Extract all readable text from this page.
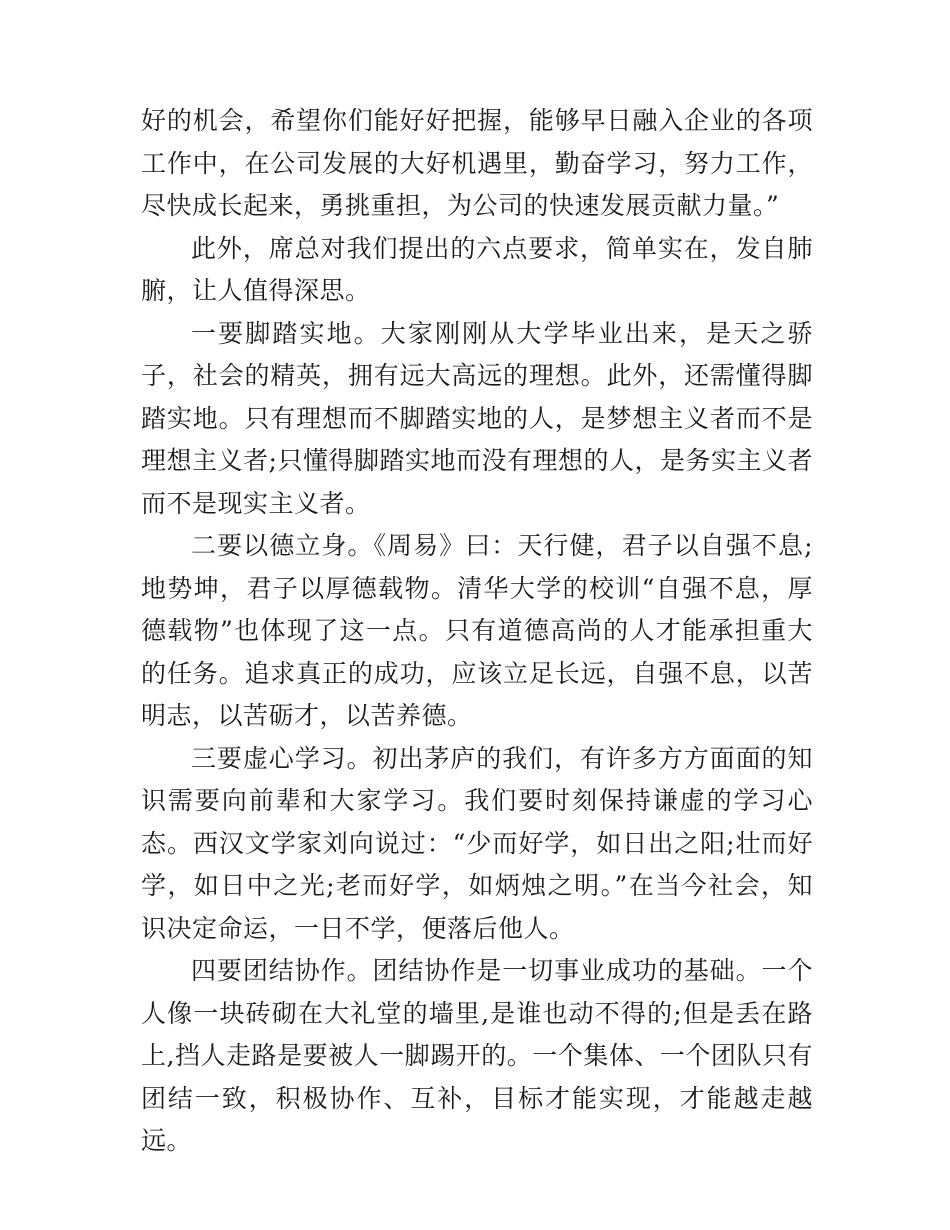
好的机会，希望你们能好好把握，能够早日融入企业的各项工作中，在公司发展的大好机遇里，勤奋学习，努力工作，尽快成长起来，勇挑重担，为公司的快速发展贡献力量。”

此外，席总对我们提出的六点要求，简单实在，发自肺腑，让人值得深思。

一要脚踏实地。大家刚刚从大学毕业出来，是天之骄子，社会的精英，拥有远大高远的理想。此外，还需懂得脚踏实地。只有理想而不脚踏实地的人，是梦想主义者而不是理想主义者;只懂得脚踏实地而没有理想的人，是务实主义者而不是现实主义者。

二要以德立身。《周易》曰：天行健，君子以自强不息;地势坤，君子以厚德载物。清华大学的校训“自强不息，厚德载物”也体现了这一点。只有道德高尚的人才能承担重大的任务。追求真正的成功，应该立足长远，自强不息，以苦明志，以苦砺才，以苦养德。

三要虚心学习。初出茅庐的我们，有许多方方面面的知识需要向前辈和大家学习。我们要时刻保持谦虚的学习心态。西汉文学家刘向说过：“少而好学，如日出之阳;壮而好学，如日中之光;老而好学，如炳烛之明。”在当今社会，知识决定命运，一日不学，便落后他人。

四要团结协作。团结协作是一切事业成功的基础。一个人像一块砖砌在大礼堂的墙里,是谁也动不得的;但是丢在路上,挡人走路是要被人一脚踢开的。一个集体、一个团队只有团结一致，积极协作、互补，目标才能实现，才能越走越远。
